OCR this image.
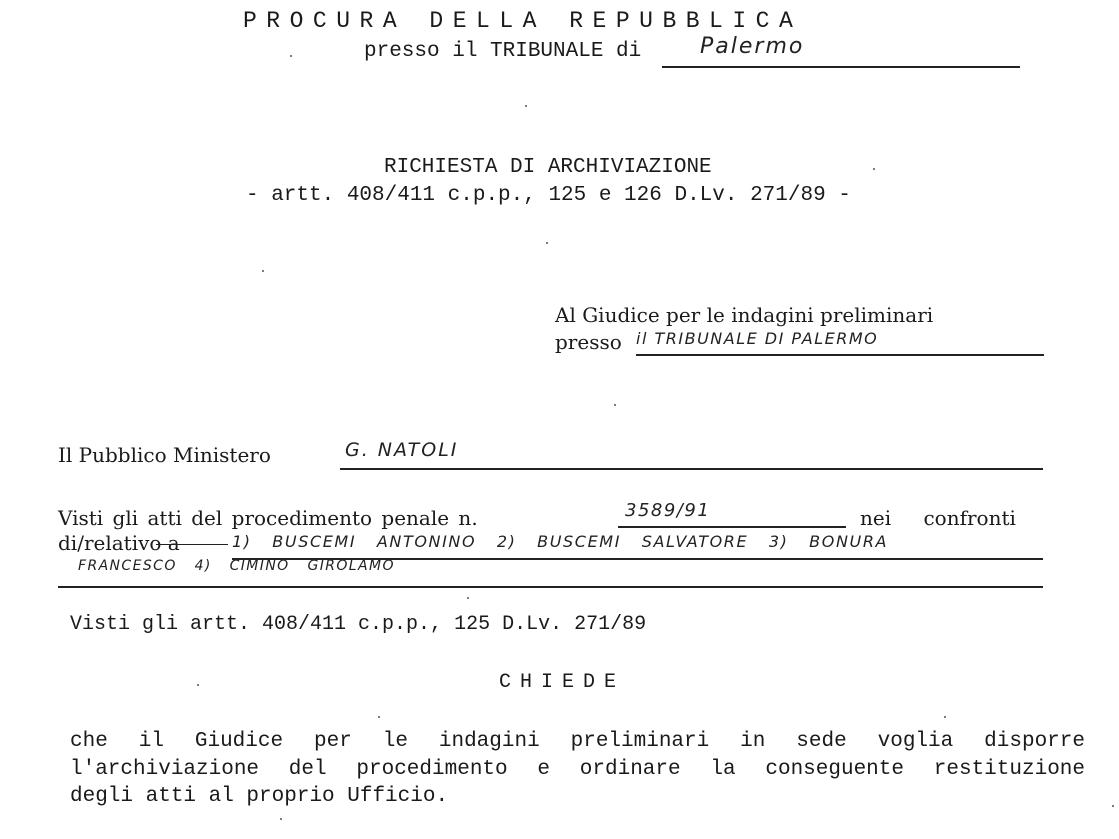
PROCURA DELLA REPUBBLICA
presso il TRIBUNALE di	Palermo
RICHIESTA DI ARCHIVIAZIONE
- artt. 408/411 c.p.p., 125 e 126 D.Lv. 271/89 -
Al Giudice per le indagini preliminari
presso il TRIBUNALE DI PALERMO
Il Pubblico Ministero	G. NATOLI
Visti gli atti del procedimento penale n.	3589/91	nei confronti
di/relativo a	1) BUSCEMI ANTONINO 2) BUSCEMI SALVATORE 3) BONURA
FRANCESCO 4) CIMINO GIROLAMO
Visti gli artt. 408/411 c.p.p., 125 D.Lv. 271/89
CHIEDE
che il Giudice per le indagini preliminari in sede voglia disporre
l'archiviazione del procedimento e ordinare la conseguente restituzione
degli atti al proprio Ufficio.
